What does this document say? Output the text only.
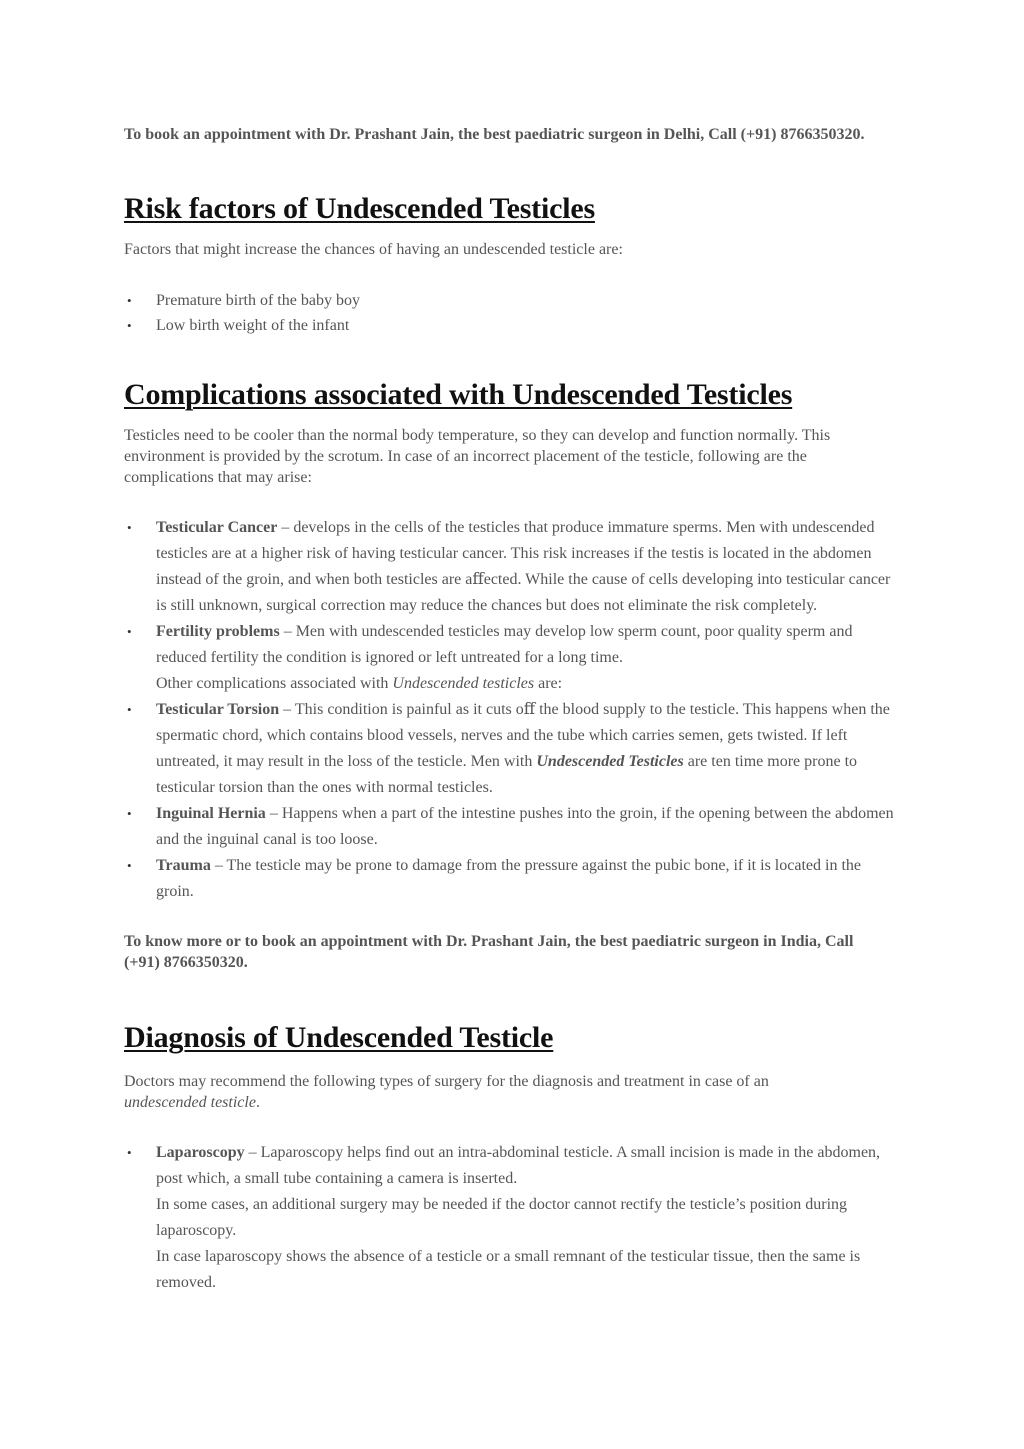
To book an appointment with Dr. Prashant Jain, the best paediatric surgeon in Delhi, Call (+91) 8766350320.

Risk factors of Undescended Testicles

Factors that might increase the chances of having an undescended testicle are:

• Premature birth of the baby boy
• Low birth weight of the infant
Complications associated with Undescended Testicles

Testicles need to be cooler than the normal body temperature, so they can develop and function normally. This environment is provided by the scrotum. In case of an incorrect placement of the testicle, following are the complications that may arise:

• Testicular Cancer – develops in the cells of the testicles that produce immature sperms. Men with undescended testicles are at a higher risk of having testicular cancer. This risk increases if the testis is located in the abdomen instead of the groin, and when both testicles are aﬀected. While the cause of cells developing into testicular cancer is still unknown, surgical correction may reduce the chances but does not eliminate the risk completely.
• Fertility problems – Men with undescended testicles may develop low sperm count, poor quality sperm and reduced fertility the condition is ignored or left untreated for a long time.
Other complications associated with Undescended testicles are:
• Testicular Torsion – This condition is painful as it cuts oﬀ the blood supply to the testicle. This happens when the spermatic chord, which contains blood vessels, nerves and the tube which carries semen, gets twisted. If left untreated, it may result in the loss of the testicle. Men with Undescended Testicles are ten time more prone to testicular torsion than the ones with normal testicles.
• Inguinal Hernia – Happens when a part of the intestine pushes into the groin, if the opening between the abdomen and the inguinal canal is too loose.
• Trauma – The testicle may be prone to damage from the pressure against the pubic bone, if it is located in the groin.

To know more or to book an appointment with Dr. Prashant Jain, the best paediatric surgeon in India, Call (+91) 8766350320.

Diagnosis of Undescended Testicle

Doctors may recommend the following types of surgery for the diagnosis and treatment in case of an undescended testicle.

• Laparoscopy – Laparoscopy helps ﬁnd out an intra-abdominal testicle. A small incision is made in the abdomen, post which, a small tube containing a camera is inserted.
In some cases, an additional surgery may be needed if the doctor cannot rectify the testicle’s position during laparoscopy.
In case laparoscopy shows the absence of a testicle or a small remnant of the testicular tissue, then the same is removed.
